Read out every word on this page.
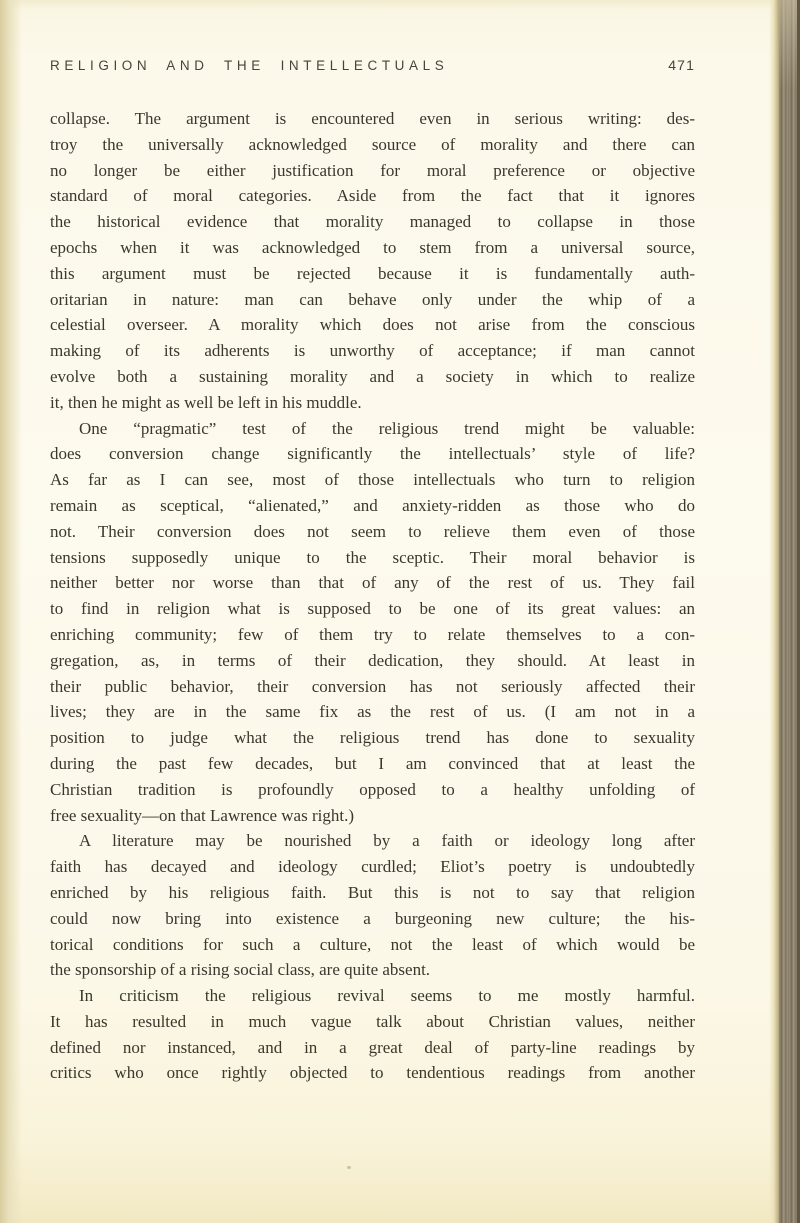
RELIGION AND THE INTELLECTUALS	471
collapse. The argument is encountered even in serious writing: des-
troy the universally acknowledged source of morality and there can
no longer be either justification for moral preference or objective
standard of moral categories. Aside from the fact that it ignores
the historical evidence that morality managed to collapse in those
epochs when it was acknowledged to stem from a universal source,
this argument must be rejected because it is fundamentally auth-
oritarian in nature: man can behave only under the whip of a
celestial overseer. A morality which does not arise from the conscious
making of its adherents is unworthy of acceptance; if man cannot
evolve both a sustaining morality and a society in which to realize
it, then he might as well be left in his muddle.
One “pragmatic” test of the religious trend might be valuable:
does conversion change significantly the intellectuals’ style of life?
As far as I can see, most of those intellectuals who turn to religion
remain as sceptical, “alienated,” and anxiety-ridden as those who do
not. Their conversion does not seem to relieve them even of those
tensions supposedly unique to the sceptic. Their moral behavior is
neither better nor worse than that of any of the rest of us. They fail
to find in religion what is supposed to be one of its great values: an
enriching community; few of them try to relate themselves to a con-
gregation, as, in terms of their dedication, they should. At least in
their public behavior, their conversion has not seriously affected their
lives; they are in the same fix as the rest of us. (I am not in a
position to judge what the religious trend has done to sexuality
during the past few decades, but I am convinced that at least the
Christian tradition is profoundly opposed to a healthy unfolding of
free sexuality—on that Lawrence was right.)
A literature may be nourished by a faith or ideology long after
faith has decayed and ideology curdled; Eliot’s poetry is undoubtedly
enriched by his religious faith. But this is not to say that religion
could now bring into existence a burgeoning new culture; the his-
torical conditions for such a culture, not the least of which would be
the sponsorship of a rising social class, are quite absent.
In criticism the religious revival seems to me mostly harmful.
It has resulted in much vague talk about Christian values, neither
defined nor instanced, and in a great deal of party-line readings by
critics who once rightly objected to tendentious readings from another
